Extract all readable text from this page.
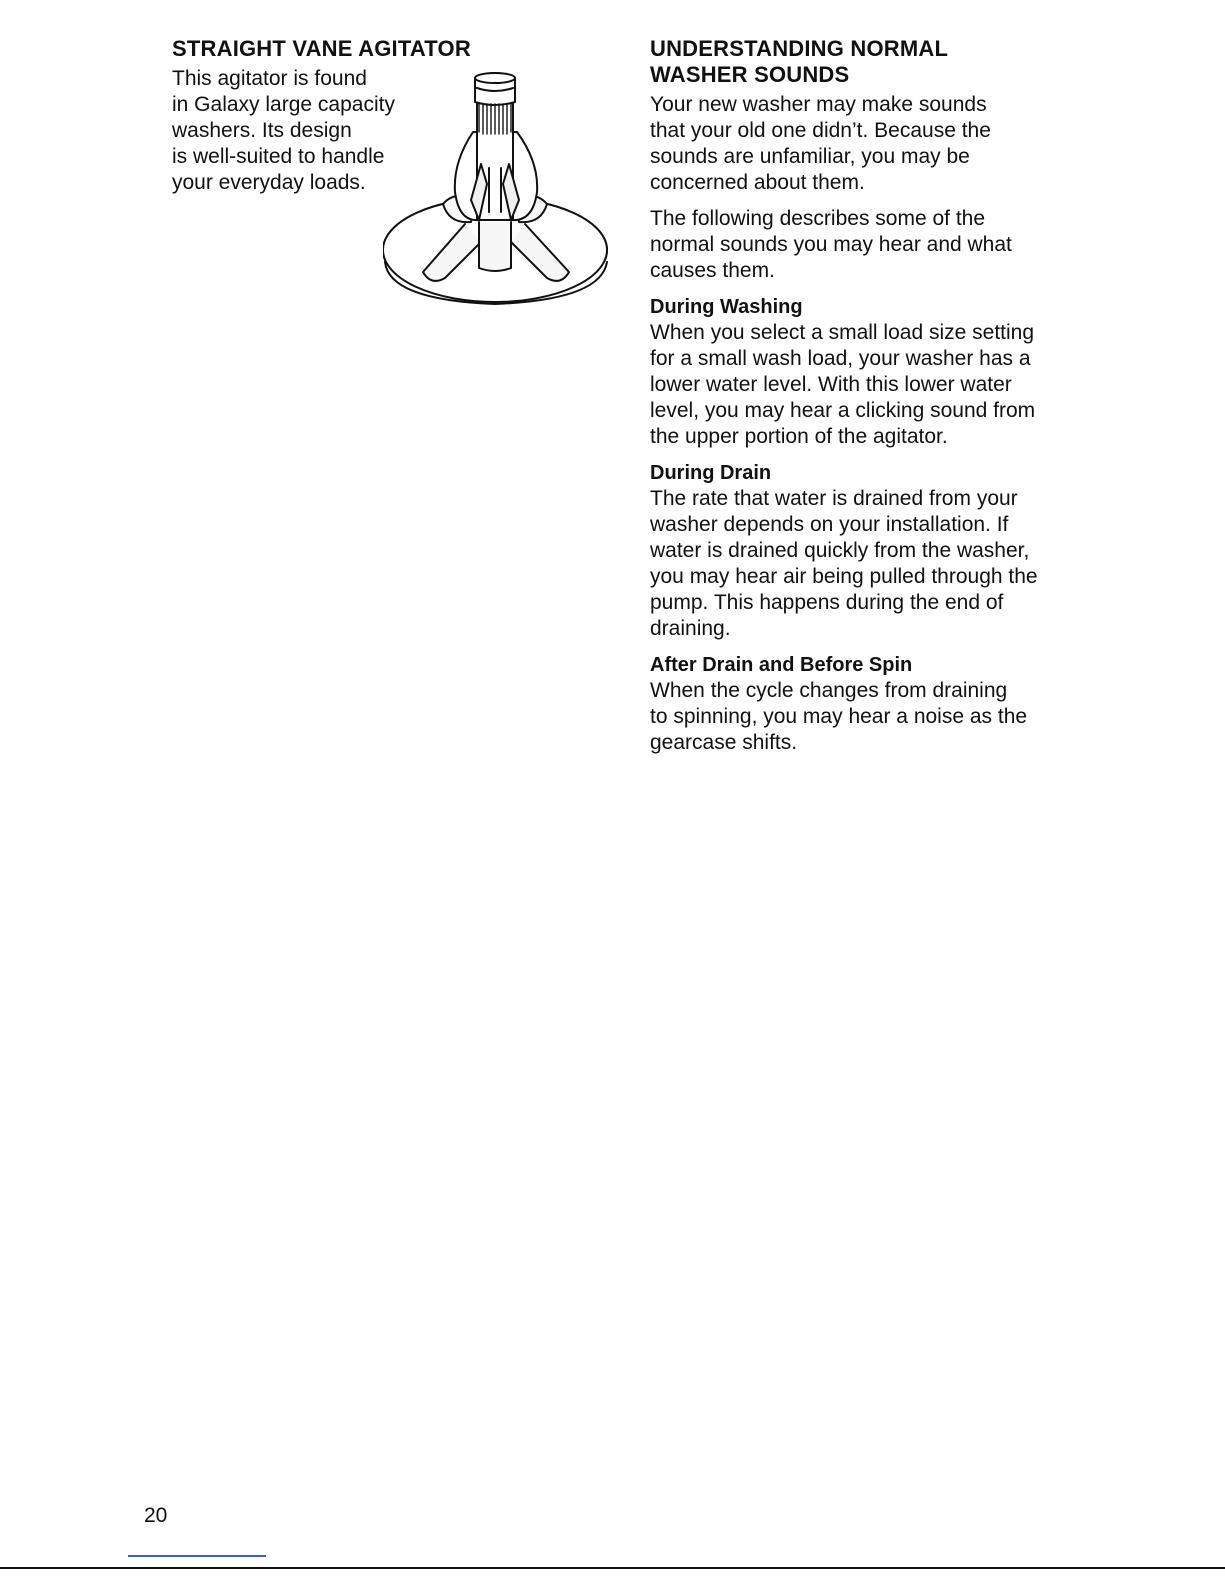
STRAIGHT VANE AGITATOR

This agitator is found

in Galaxy large capacity

washers. Its design

is well-suited to handle

your everyday loads.

UNDERSTANDING NORMAL
WASHER SOUNDS

Your new washer may make sounds

that your old one didn’t. Because the

sounds are unfamiliar, you may be

concerned about them.

The following describes some of the

normal sounds you may hear and what

causes them.

During Washing

When you select a small load size setting

for a small wash load, your washer has a

lower water level. With this lower water

level, you may hear a clicking sound from

the upper portion of the agitator.

During Drain

The rate that water is drained from your

washer depends on your installation. If

water is drained quickly from the washer,

you may hear air being pulled through the

pump. This happens during the end of

draining.

After Drain and Before Spin

When the cycle changes from draining

to spinning, you may hear a noise as the

gearcase shifts.

20
